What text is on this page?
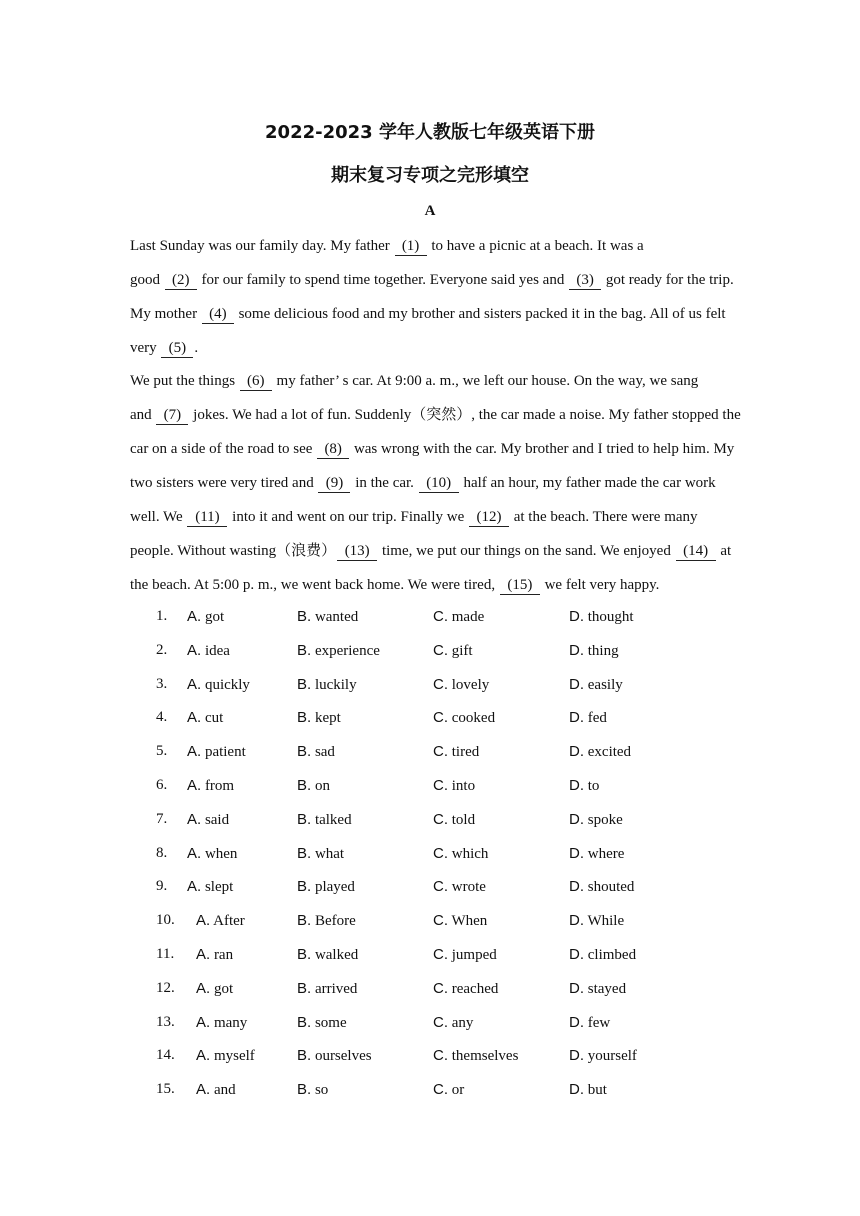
2022-2023 学年人教版七年级英语下册
期末复习专项之完形填空
A
Last Sunday was our family day. My father (1) to have a picnic at a beach. It was a
good (2) for our family to spend time together. Everyone said yes and (3) got ready for the trip.
My mother (4) some delicious food and my brother and sisters packed it in the bag. All of us felt
very (5) .
We put the things (6) my father’ s car. At 9:00 a. m., we left our house. On the way, we sang
and (7) jokes. We had a lot of fun. Suddenly（突然）, the car made a noise. My father stopped the
car on a side of the road to see (8) was wrong with the car. My brother and I tried to help him. My
two sisters were very tired and (9) in the car. (10) half an hour, my father made the car work
well. We (11) into it and went on our trip. Finally we (12) at the beach. There were many
people. Without wasting（浪费） (13) time, we put our things on the sand. We enjoyed (14) at
the beach. At 5:00 p. m., we went back home. We were tired, (15) we felt very happy.
1. A. got	B. wanted	C. made	D. thought
2. A. idea	B. experience	C. gift	D. thing
3. A. quickly	B. luckily	C. lovely	D. easily
4. A. cut	B. kept	C. cooked	D. fed
5. A. patient	B. sad	C. tired	D. excited
6. A. from	B. on	C. into	D. to
7. A. said	B. talked	C. told	D. spoke
8. A. when	B. what	C. which	D. where
9. A. slept	B. played	C. wrote	D. shouted
10. A. After	B. Before	C. When	D. While
11. A. ran	B. walked	C. jumped	D. climbed
12. A. got	B. arrived	C. reached	D. stayed
13. A. many	B. some	C. any	D. few
14. A. myself	B. ourselves	C. themselves	D. yourself
15. A. and	B. so	C. or	D. but
